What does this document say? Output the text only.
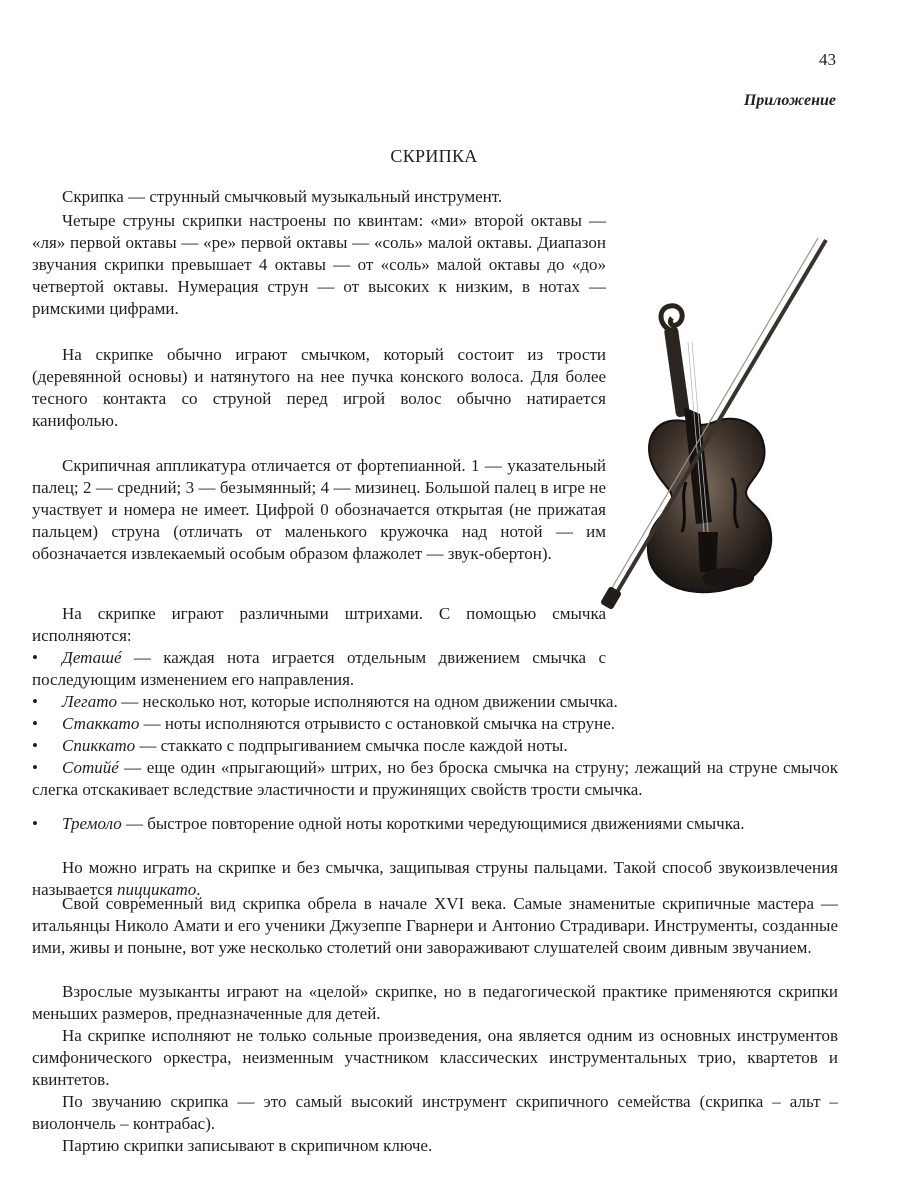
43
Приложение
СКРИПКА

Скрипка — струнный смычковый музыкальный инструмент.

Четыре струны скрипки настроены по квинтам: «ми» второй октавы — «ля» первой октавы — «ре» первой октавы — «соль» малой октавы. Диапазон звучания скрипки превышает 4 октавы — от «соль» малой октавы до «до» четвертой октавы. Нумерация струн — от высоких к низким, в нотах — римскими цифрами.

На скрипке обычно играют смычком, который состоит из трости (деревянной основы) и натянутого на нее пучка конского волоса. Для более тесного контакта со струной перед игрой волос обычно натирается канифолью.

Скрипичная аппликатура отличается от фортепианной. 1 — указательный палец; 2 — средний; 3 — безымянный; 4 — мизинец. Большой палец в игре не участвует и номера не имеет. Цифрой 0 обозначается открытая (не прижатая пальцем) струна (отличать от маленького кружочка над нотой — им обозначается извлекаемый особым образом флажолет — звук-обертон).

На скрипке играют различными штрихами. С помощью смычка исполняются:

• Деташé — каждая нота играется отдельным движением смычка с последующим изменением его направления.

• Легато — несколько нот, которые исполняются на одном движении смычка.

• Стаккато — ноты исполняются отрывисто с остановкой смычка на струне.

• Спиккато — стаккато с подпрыгиванием смычка после каждой ноты.

• Сотийé — еще один «прыгающий» штрих, но без броска смычка на струну; лежащий на струне смычок слегка отскакивает вследствие эластичности и пружинящих свойств трости смычка.

• Тремоло — быстрое повторение одной ноты короткими чередующимися движениями смычка.

Но можно играть на скрипке и без смычка, защипывая струны пальцами. Такой способ звукоизвлечения называется пиццикато.

Свой современный вид скрипка обрела в начале XVI века. Самые знаменитые скрипичные мастера — итальянцы Николо Амати и его ученики Джузеппе Гварнери и Антонио Страдивари. Инструменты, созданные ими, живы и поныне, вот уже несколько столетий они завораживают слушателей своим дивным звучанием.

Взрослые музыканты играют на «целой» скрипке, но в педагогической практике применяются скрипки меньших размеров, предназначенные для детей.

На скрипке исполняют не только сольные произведения, она является одним из основных инструментов симфонического оркестра, неизменным участником классических инструментальных трио, квартетов и квинтетов.

По звучанию скрипка — это самый высокий инструмент скрипичного семейства (скрипка – альт – виолончель – контрабас).

Партию скрипки записывают в скрипичном ключе.
